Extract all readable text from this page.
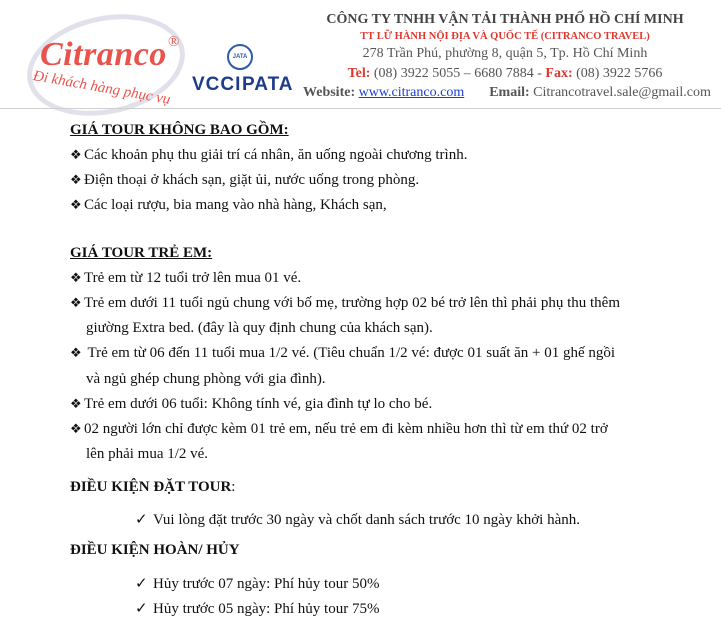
Citranco ®
Đi khách hàng phục vụ
JATA
VCCI PATA
CÔNG TY TNHH VẬN TẢI THÀNH PHỐ HỒ CHÍ MINH
TT LỮ HÀNH NỘI ĐỊA VÀ QUỐC TẾ (CITRANCO TRAVEL)
278 Trần Phú, phường 8, quận 5, Tp. Hồ Chí Minh
Tel: (08) 3922 5055 – 6680 7884 - Fax: (08) 3922 5766
Website: www.citranco.com Email: Citrancotravel.sale@gmail.com
GIÁ TOUR KHÔNG BAO GỒM:
❖ Các khoản phụ thu giải trí cá nhân, ăn uống ngoài chương trình.
❖ Điện thoại ở khách sạn, giặt ủi, nước uống trong phòng.
❖ Các loại rượu, bia mang vào nhà hàng, Khách sạn,
GIÁ TOUR TRẺ EM:
❖ Trẻ em từ 12 tuổi trở lên mua 01 vé.
❖ Trẻ em dưới 11 tuổi ngủ chung với bố mẹ, trường hợp 02 bé trở lên thì phải phụ thu thêm
giường Extra bed. (đây là quy định chung của khách sạn).
❖ Trẻ em từ 06 đến 11 tuổi mua 1/2 vé. (Tiêu chuẩn 1/2 vé: được 01 suất ăn + 01 ghế ngồi
và ngủ ghép chung phòng với gia đình).
❖ Trẻ em dưới 06 tuổi: Không tính vé, gia đình tự lo cho bé.
❖ 02 người lớn chỉ được kèm 01 trẻ em, nếu trẻ em đi kèm nhiều hơn thì từ em thứ 02 trở
lên phải mua 1/2 vé.
ĐIỀU KIỆN ĐẶT TOUR:
✓ Vui lòng đặt trước 30 ngày và chốt danh sách trước 10 ngày khởi hành.
ĐIỀU KIỆN HOÀN/ HỦY
✓ Hủy trước 07 ngày: Phí hủy tour 50%
✓ Hủy trước 05 ngày: Phí hủy tour 75%
